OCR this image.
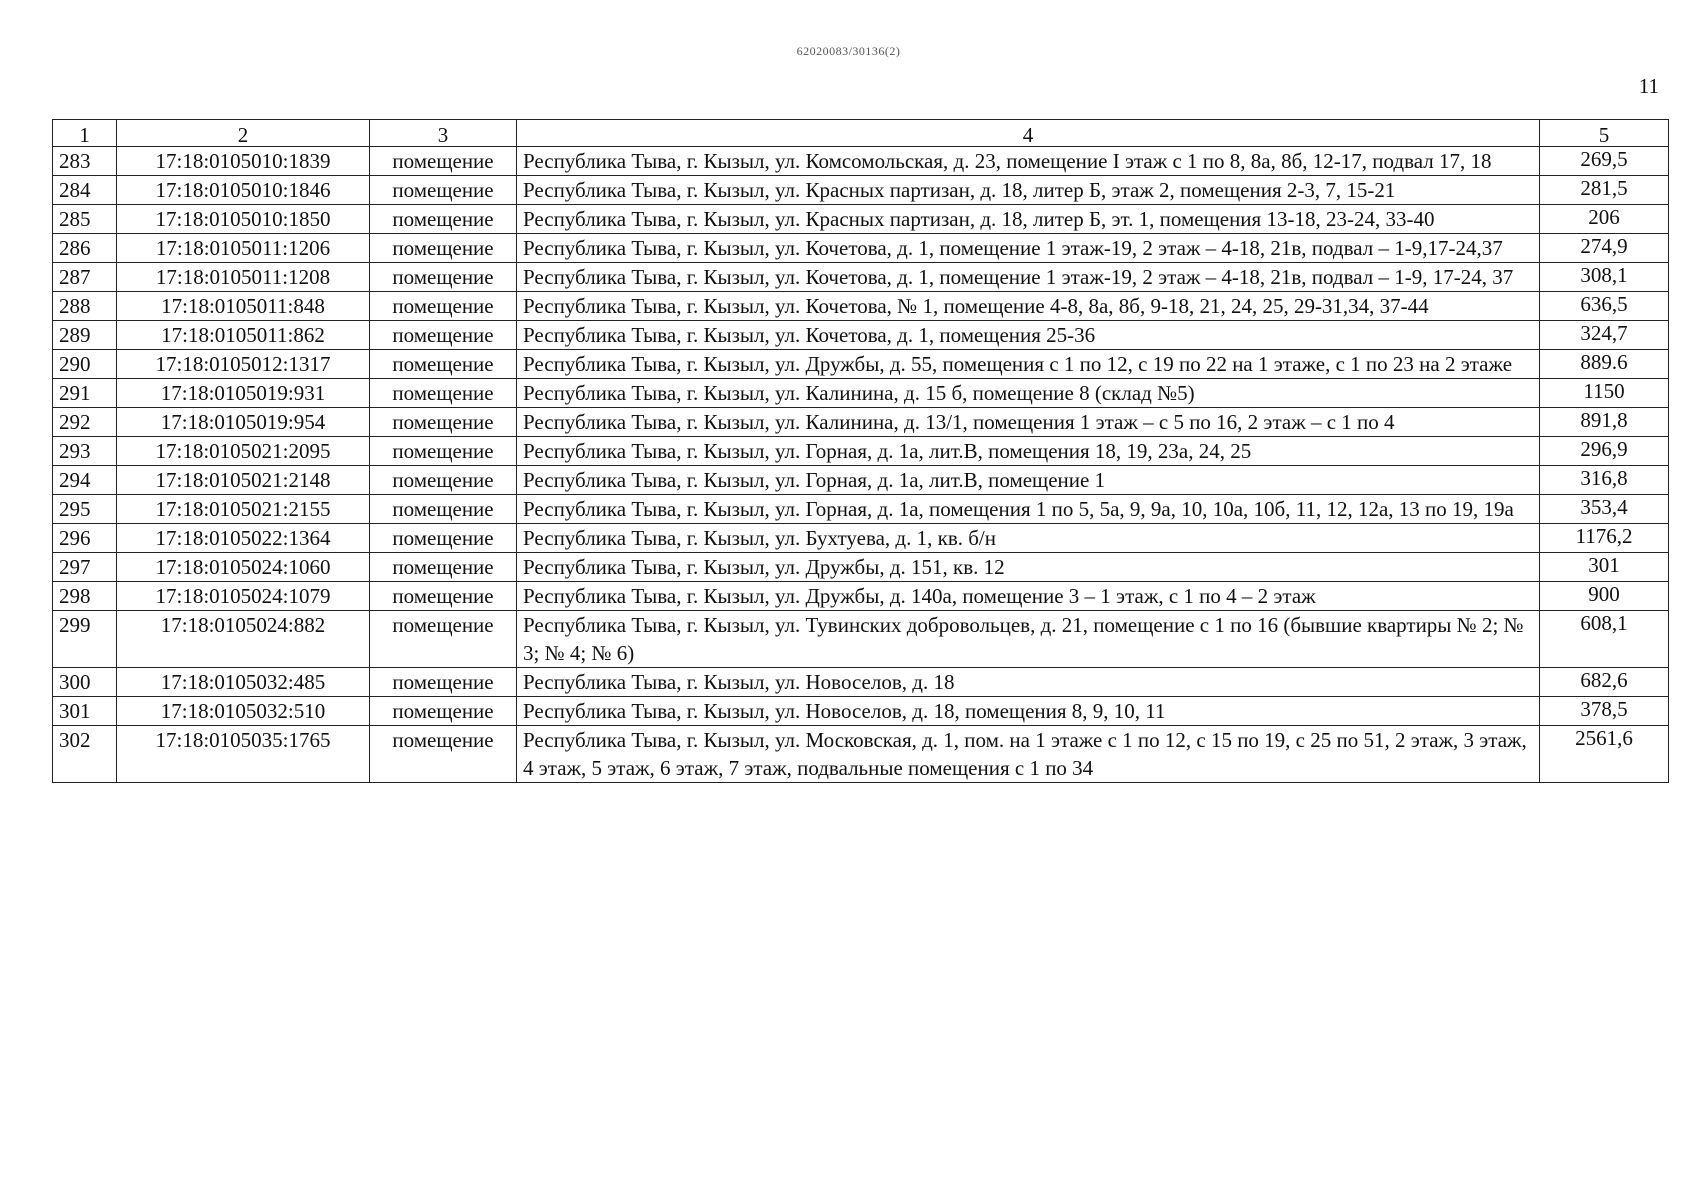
62020083/30136(2)
11
1	2	3	4	5
283	17:18:0105010:1839	помещение	Республика Тыва, г. Кызыл, ул. Комсомольская, д. 23, помещение I этаж с 1 по 8, 8а, 8б, 12-17, подвал 17, 18	269,5
284	17:18:0105010:1846	помещение	Республика Тыва, г. Кызыл, ул. Красных партизан, д. 18, литер Б, этаж 2, помещения 2-3, 7, 15-21	281,5
285	17:18:0105010:1850	помещение	Республика Тыва, г. Кызыл, ул. Красных партизан, д. 18, литер Б, эт. 1, помещения 13-18, 23-24, 33-40	206
286	17:18:0105011:1206	помещение	Республика Тыва, г. Кызыл, ул. Кочетова, д. 1, помещение 1 этаж-19, 2 этаж – 4-18, 21в, подвал – 1-9,17-24,37	274,9
287	17:18:0105011:1208	помещение	Республика Тыва, г. Кызыл, ул. Кочетова, д. 1, помещение 1 этаж-19, 2 этаж – 4-18, 21в, подвал – 1-9, 17-24, 37	308,1
288	17:18:0105011:848	помещение	Республика Тыва, г. Кызыл, ул. Кочетова, № 1, помещение 4-8, 8а, 8б, 9-18, 21, 24, 25, 29-31,34, 37-44	636,5
289	17:18:0105011:862	помещение	Республика Тыва, г. Кызыл, ул. Кочетова, д. 1, помещения 25-36	324,7
290	17:18:0105012:1317	помещение	Республика Тыва, г. Кызыл, ул. Дружбы, д. 55, помещения с 1 по 12, с 19 по 22 на 1 этаже, с 1 по 23 на 2 этаже	889.6
291	17:18:0105019:931	помещение	Республика Тыва, г. Кызыл, ул. Калинина, д. 15 б, помещение 8 (склад №5)	1150
292	17:18:0105019:954	помещение	Республика Тыва, г. Кызыл, ул. Калинина, д. 13/1, помещения 1 этаж – с 5 по 16, 2 этаж – с 1 по 4	891,8
293	17:18:0105021:2095	помещение	Республика Тыва, г. Кызыл, ул. Горная, д. 1а, лит.В, помещения 18, 19, 23а, 24, 25	296,9
294	17:18:0105021:2148	помещение	Республика Тыва, г. Кызыл, ул. Горная, д. 1а, лит.В, помещение 1	316,8
295	17:18:0105021:2155	помещение	Республика Тыва, г. Кызыл, ул. Горная, д. 1а, помещения 1 по 5, 5а, 9, 9а, 10, 10а, 10б, 11, 12, 12а, 13 по 19, 19а	353,4
296	17:18:0105022:1364	помещение	Республика Тыва, г. Кызыл, ул. Бухтуева, д. 1, кв. б/н	1176,2
297	17:18:0105024:1060	помещение	Республика Тыва, г. Кызыл, ул. Дружбы, д. 151, кв. 12	301
298	17:18:0105024:1079	помещение	Республика Тыва, г. Кызыл, ул. Дружбы, д. 140а, помещение 3 – 1 этаж, с 1 по 4 – 2 этаж	900
299	17:18:0105024:882	помещение	Республика Тыва, г. Кызыл, ул. Тувинских добровольцев, д. 21, помещение с 1 по 16 (бывшие квартиры № 2; № 3; № 4; № 6)	608,1
300	17:18:0105032:485	помещение	Республика Тыва, г. Кызыл, ул. Новоселов, д. 18	682,6
301	17:18:0105032:510	помещение	Республика Тыва, г. Кызыл, ул. Новоселов, д. 18, помещения 8, 9, 10, 11	378,5
302	17:18:0105035:1765	помещение	Республика Тыва, г. Кызыл, ул. Московская, д. 1, пом. на 1 этаже с 1 по 12, с 15 по 19, с 25 по 51, 2 этаж, 3 этаж, 4 этаж, 5 этаж, 6 этаж, 7 этаж, подвальные помещения с 1 по 34	2561,6
